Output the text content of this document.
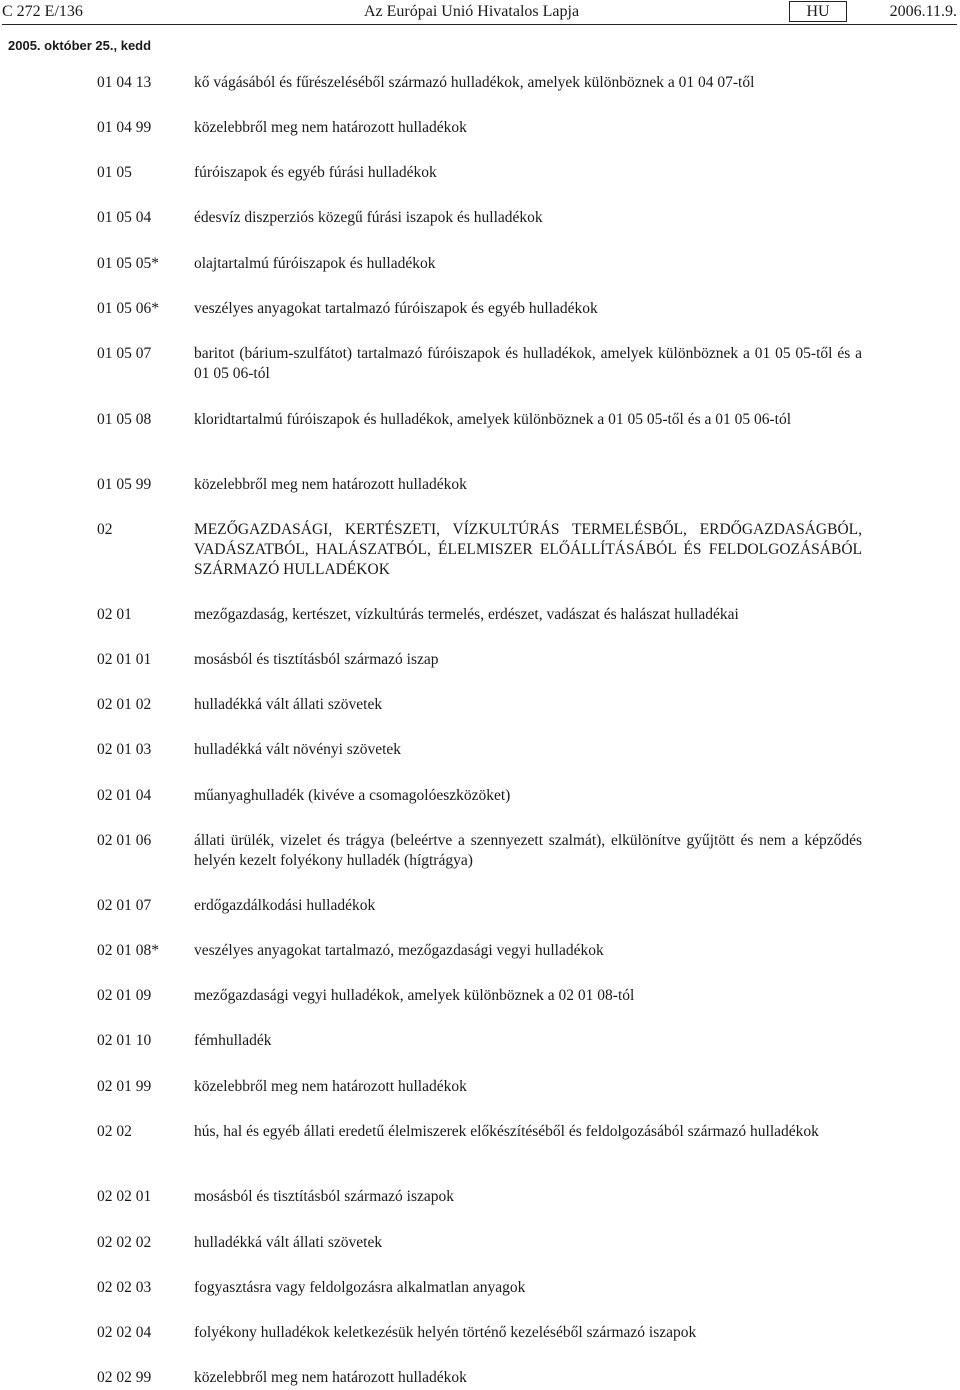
C 272 E/136	Az Európai Unió Hivatalos Lapja	HU	2006.11.9.
2005. október 25., kedd
01 04 13	kő vágásából és fűrészeléséből származó hulladékok, amelyek különböznek a 01 04 07-től
01 04 99	közelebbről meg nem határozott hulladékok
01 05	fúróiszapok és egyéb fúrási hulladékok
01 05 04	édesvíz diszperziós közegű fúrási iszapok és hulladékok
01 05 05* olajtartalmú fúróiszapok és hulladékok
01 05 06* veszélyes anyagokat tartalmazó fúróiszapok és egyéb hulladékok
01 05 07	baritot (bárium-szulfátot) tartalmazó fúróiszapok és hulladékok, amelyek különböznek a 01 05 05-től és a 01 05 06-tól
01 05 08	kloridtartalmú fúróiszapok és hulladékok, amelyek különböznek a 01 05 05-től és a 01 05 06-tól
01 05 99	közelebbről meg nem határozott hulladékok
02	MEZŐGAZDASÁGI, KERTÉSZETI, VÍZKULTÚRÁS TERMELÉSBŐL, ERDŐGAZDASÁGBÓL, VADÁSZATBÓL, HALÁSZATBÓL, ÉLELMISZER ELŐÁLLÍTÁSÁBÓL ÉS FELDOLGOZÁSÁBÓL SZÁRMAZÓ HULLADÉKOK
02 01	mezőgazdaság, kertészet, vízkultúrás termelés, erdészet, vadászat és halászat hulladékai
02 01 01	mosásból és tisztításból származó iszap
02 01 02	hulladékká vált állati szövetek
02 01 03	hulladékká vált növényi szövetek
02 01 04	műanyaghulladék (kivéve a csomagolóeszközöket)
02 01 06	állati ürülék, vizelet és trágya (beleértve a szennyezett szalmát), elkülönítve gyűjtött és nem a képződés helyén kezelt folyékony hulladék (hígtrágya)
02 01 07	erdőgazdálkodási hulladékok
02 01 08* veszélyes anyagokat tartalmazó, mezőgazdasági vegyi hulladékok
02 01 09	mezőgazdasági vegyi hulladékok, amelyek különböznek a 02 01 08-tól
02 01 10	fémhulladék
02 01 99	közelebbről meg nem határozott hulladékok
02 02	hús, hal és egyéb állati eredetű élelmiszerek előkészítéséből és feldolgozásából származó hulladékok
02 02 01	mosásból és tisztításból származó iszapok
02 02 02	hulladékká vált állati szövetek
02 02 03	fogyasztásra vagy feldolgozásra alkalmatlan anyagok
02 02 04	folyékony hulladékok keletkezésük helyén történő kezeléséből származó iszapok
02 02 99	közelebbről meg nem határozott hulladékok
